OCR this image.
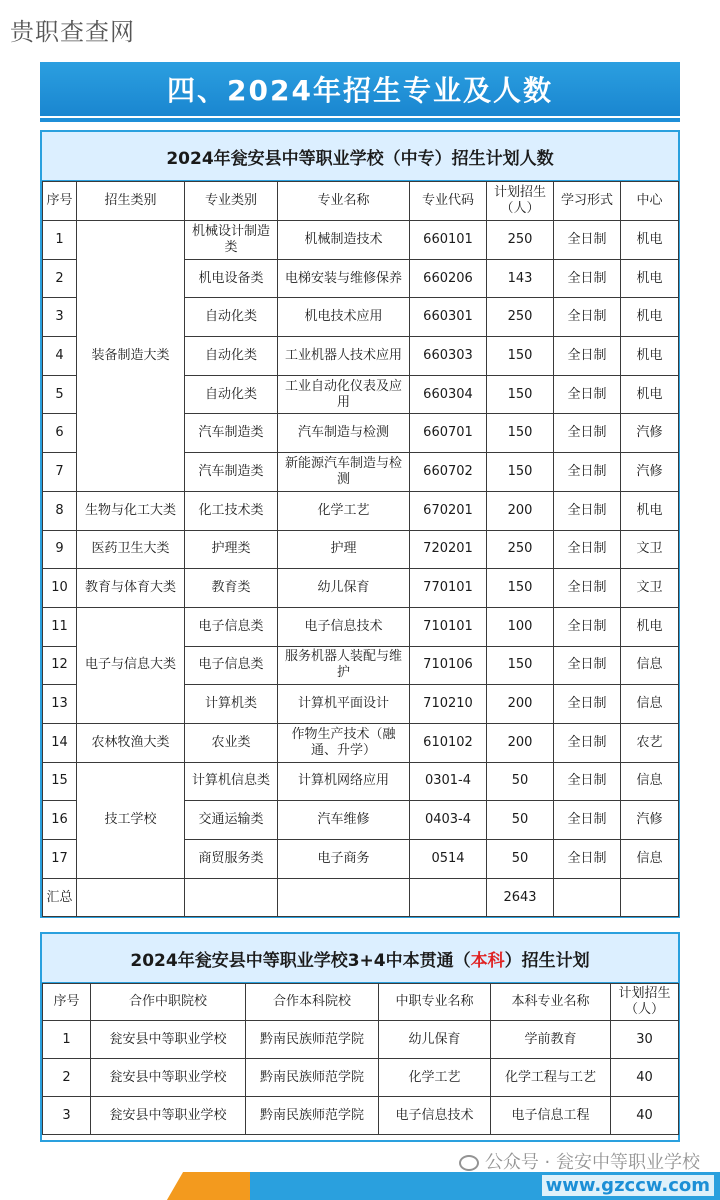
贵职查查网
四、2024年招生专业及人数
2024年瓮安县中等职业学校（中专）招生计划人数
序号	招生类别	专业类别	专业名称	专业代码	计划招生（人）	学习形式	中心
1	装备制造大类	机械设计制造类	机械制造技术	660101	250	全日制	机电
2		机电设备类	电梯安装与维修保养	660206	143	全日制	机电
3		自动化类	机电技术应用	660301	250	全日制	机电
4		自动化类	工业机器人技术应用	660303	150	全日制	机电
5		自动化类	工业自动化仪表及应用	660304	150	全日制	机电
6		汽车制造类	汽车制造与检测	660701	150	全日制	汽修
7		汽车制造类	新能源汽车制造与检测	660702	150	全日制	汽修
8	生物与化工大类	化工技术类	化学工艺	670201	200	全日制	机电
9	医药卫生大类	护理类	护理	720201	250	全日制	文卫
10	教育与体育大类	教育类	幼儿保育	770101	150	全日制	文卫
11	电子与信息大类	电子信息类	电子信息技术	710101	100	全日制	机电
12		电子信息类	服务机器人装配与维护	710106	150	全日制	信息
13		计算机类	计算机平面设计	710210	200	全日制	信息
14	农林牧渔大类	农业类	作物生产技术（融通、升学）	610102	200	全日制	农艺
15	技工学校	计算机信息类	计算机网络应用	0301-4	50	全日制	信息
16		交通运输类	汽车维修	0403-4	50	全日制	汽修
17		商贸服务类	电子商务	0514	50	全日制	信息
汇总					2643		
2024年瓮安县中等职业学校3+4中本贯通（ 本科 ）招生计划
序号	合作中职院校	合作本科院校	中职专业名称	本科专业名称	计划招生（人）
1	瓮安县中等职业学校	黔南民族师范学院	幼儿保育	学前教育	30
2	瓮安县中等职业学校	黔南民族师范学院	化学工艺	化学工程与工艺	40
3	瓮安县中等职业学校	黔南民族师范学院	电子信息技术	电子信息工程	40
公众号 · 瓮安中等职业学校
www.gzccw.com
